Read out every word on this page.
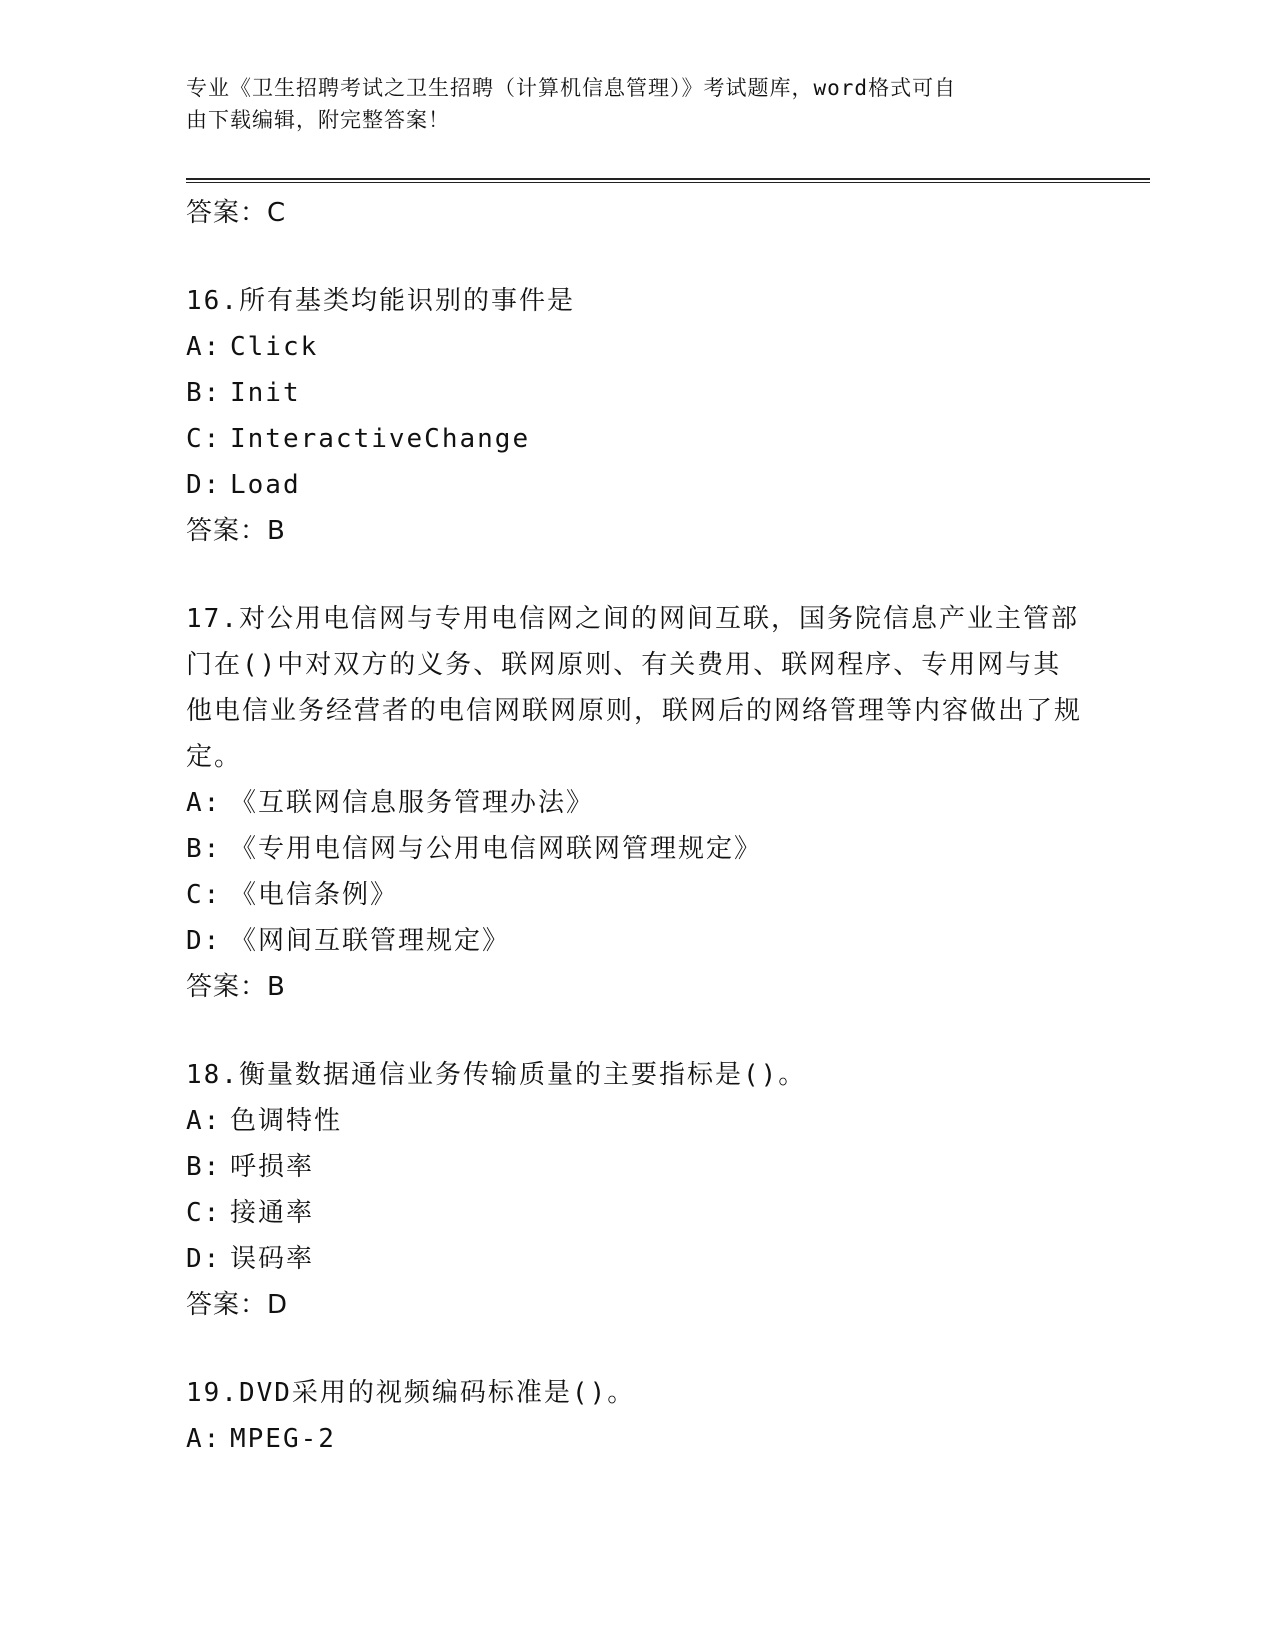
专业《卫生招聘考试之卫生招聘（计算机信息管理）》考试题库，word格式可自
由下载编辑，附完整答案！
答案：C
16.所有基类均能识别的事件是
A: Click
B: Init
C: InteractiveChange
D: Load
答案：B
17.对公用电信网与专用电信网之间的网间互联，国务院信息产业主管部门在()中对双方的义务、联网原则、有关费用、联网程序、专用网与其他电信业务经营者的电信网联网原则，联网后的网络管理等内容做出了规定。
A: 《互联网信息服务管理办法》
B: 《专用电信网与公用电信网联网管理规定》
C: 《电信条例》
D: 《网间互联管理规定》
答案：B
18.衡量数据通信业务传输质量的主要指标是()。
A: 色调特性
B: 呼损率
C: 接通率
D: 误码率
答案：D
19.DVD采用的视频编码标准是()。
A: MPEG-2
